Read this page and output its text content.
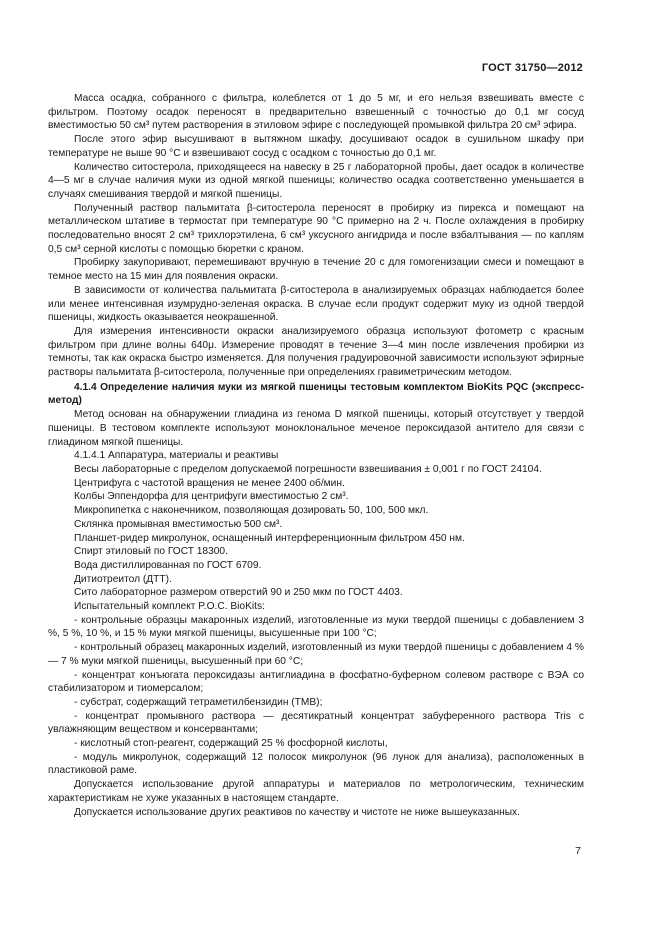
ГОСТ 31750—2012

Масса осадка, собранного с фильтра, колеблется от 1 до 5 мг, и его нельзя взвешивать вместе с фильтром. Поэтому осадок переносят в предварительно взвешенный с точностью до 0,1 мг сосуд вместимостью 50 см³ путем растворения в этиловом эфире с последующей промывкой фильтра 20 см³ эфира.

После этого эфир высушивают в вытяжном шкафу, досушивают осадок в сушильном шкафу при температуре не выше 90 °С и взвешивают сосуд с осадком с точностью до 0,1 мг.

Количество ситостерола, приходящееся на навеску в 25 г лабораторной пробы, дает осадок в количестве 4—5 мг в случае наличия муки из одной мягкой пшеницы; количество осадка соответственно уменьшается в случаях смешивания твердой и мягкой пшеницы.

Полученный раствор пальмитата β-ситостерола переносят в пробирку из пирекса и помещают на металлическом штативе в термостат при температуре 90 °С примерно на 2 ч. После охлаждения в пробирку последовательно вносят 2 см³ трихлорэтилена, 6 см³ уксусного ангидрида и после взбалтывания — по каплям 0,5 см³ серной кислоты с помощью бюретки с краном.

Пробирку закупоривают, перемешивают вручную в течение 20 с для гомогенизации смеси и помещают в темное место на 15 мин для появления окраски.

В зависимости от количества пальмитата β-ситостерола в анализируемых образцах наблюдается более или менее интенсивная изумрудно-зеленая окраска. В случае если продукт содержит муку из одной твердой пшеницы, жидкость оказывается неокрашенной.

Для измерения интенсивности окраски анализируемого образца используют фотометр с красным фильтром при длине волны 640μ. Измерение проводят в течение 3—4 мин после извлечения пробирки из темноты, так как окраска быстро изменяется. Для получения градуировочной зависимости используют эфирные растворы пальмитата β-ситостерола, полученные при определениях гравиметрическим методом.

4.1.4 Определение наличия муки из мягкой пшеницы тестовым комплектом BioKits PQC (экспресс-метод)

Метод основан на обнаружении глиадина из генома D мягкой пшеницы, который отсутствует у твердой пшеницы. В тестовом комплекте используют моноклональное меченое пероксидазой антитело для связи с глиадином мягкой пшеницы.

4.1.4.1 Аппаратура, материалы и реактивы

Весы лабораторные с пределом допускаемой погрешности взвешивания ± 0,001 г по ГОСТ 24104.

Центрифуга с частотой вращения не менее 2400 об/мин.

Колбы Эппендорфа для центрифуги вместимостью 2 см³.

Микропипетка с наконечником, позволяющая дозировать 50, 100, 500 мкл.

Склянка промывная вместимостью 500 см³.

Планшет-ридер микролунок, оснащенный интерференционным фильтром 450 нм.

Спирт этиловый по ГОСТ 18300.

Вода дистиллированная по ГОСТ 6709.

Дитиотреитол (ДТТ).

Сито лабораторное размером отверстий 90 и 250 мкм по ГОСТ 4403.

Испытательный комплект P.O.C. BioKits:

- контрольные образцы макаронных изделий, изготовленные из муки твердой пшеницы с добавлением 3 %, 5 %, 10 %, и 15 % муки мягкой пшеницы, высушенные при 100 °С;

- контрольный образец макаронных изделий, изготовленный из муки твердой пшеницы с добавлением 4 % — 7 % муки мягкой пшеницы, высушенный при 60 °С;

- концентрат конъюгата пероксидазы антиглиадина в фосфатно-буферном солевом растворе с ВЭА со стабилизатором и тиомерсалом;

- субстрат, содержащий тетраметилбензидин (ТМВ);

- концентрат промывного раствора — десятикратный концентрат забуференного раствора Tris с увлажняющим веществом и консервантами;

- кислотный стоп-реагент, содержащий 25 % фосфорной кислоты,

- модуль микролунок, содержащий 12 полосок микролунок (96 лунок для анализа), расположенных в пластиковой раме.

Допускается использование другой аппаратуры и материалов по метрологическим, техническим характеристикам не хуже указанных в настоящем стандарте.

Допускается использование других реактивов по качеству и чистоте не ниже вышеуказанных.

7
